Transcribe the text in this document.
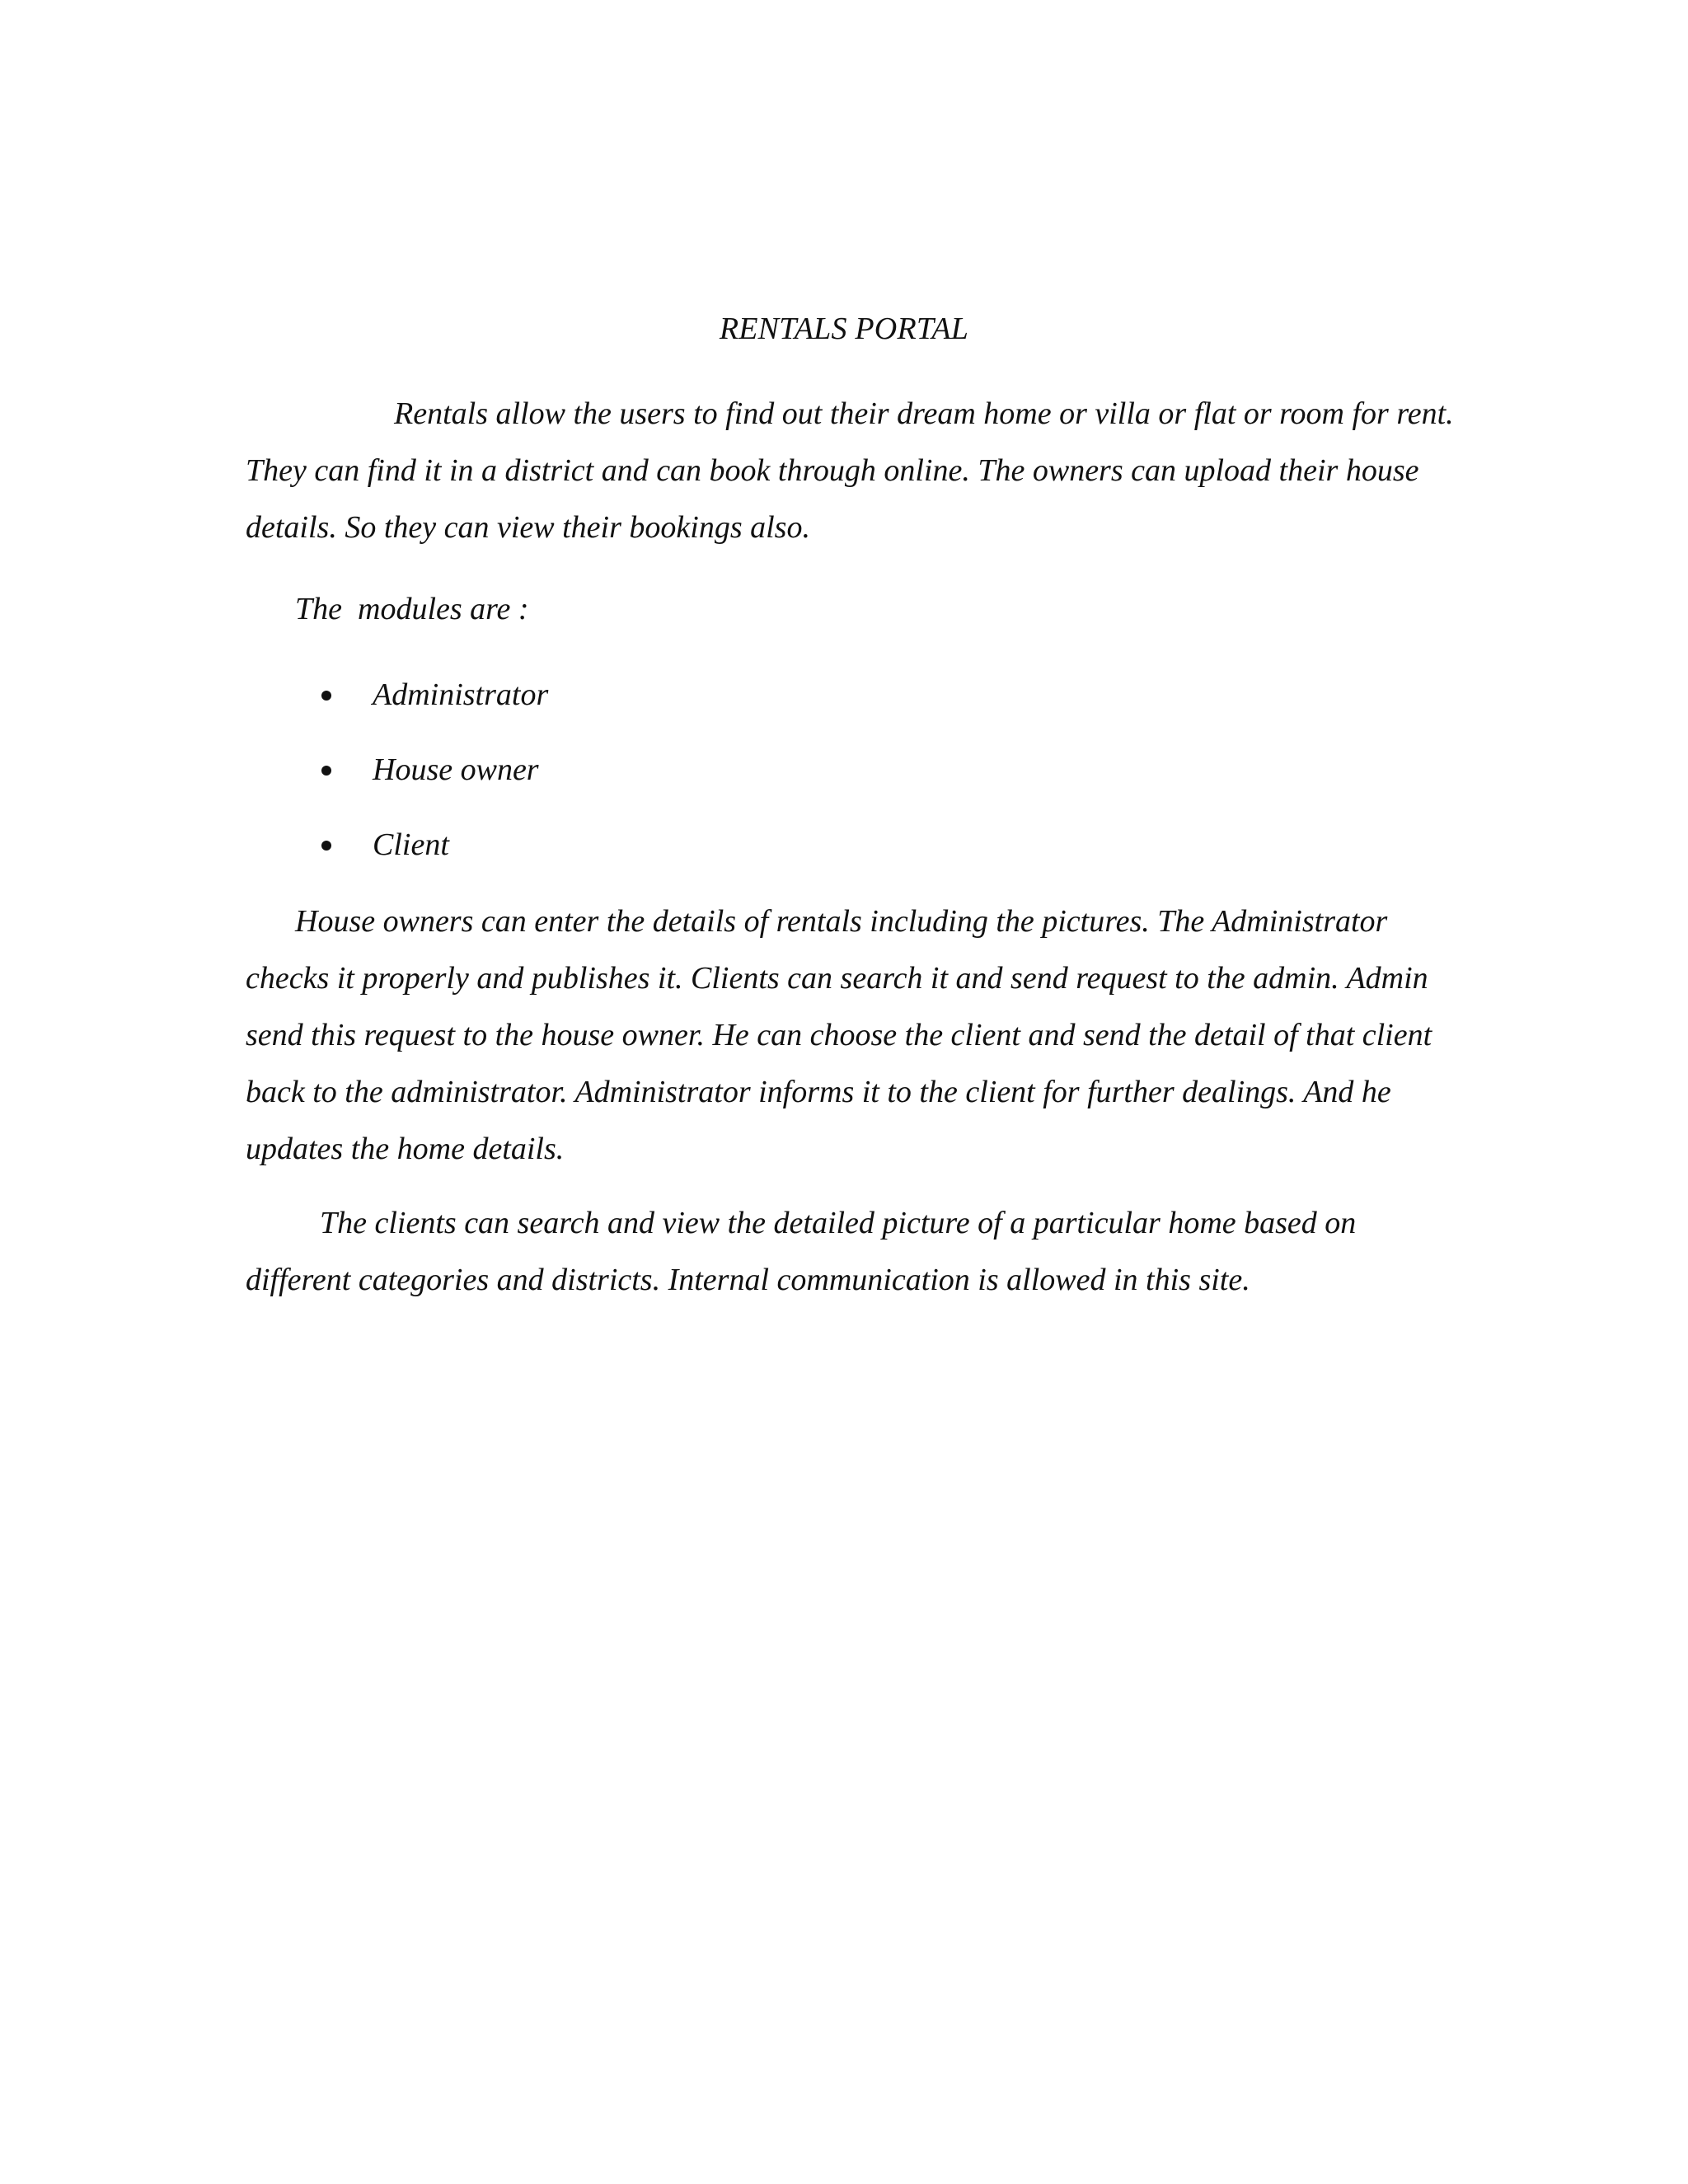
RENTALS PORTAL

Rentals allow the users to find out their dream home or villa or flat or room for rent. They can find it in a district and can book through online. The owners can upload their house details. So they can view their bookings also.

The  modules are :

Administrator
House owner
Client

House owners can enter the details of rentals including the pictures. The Administrator checks it properly and publishes it. Clients can search it and send request to the admin. Admin send this request to the house owner. He can choose the client and send the detail of that client back to the administrator. Administrator informs it to the client for further dealings. And he updates the home details.

The clients can search and view the detailed picture of a particular home based on different categories and districts. Internal communication is allowed in this site.
